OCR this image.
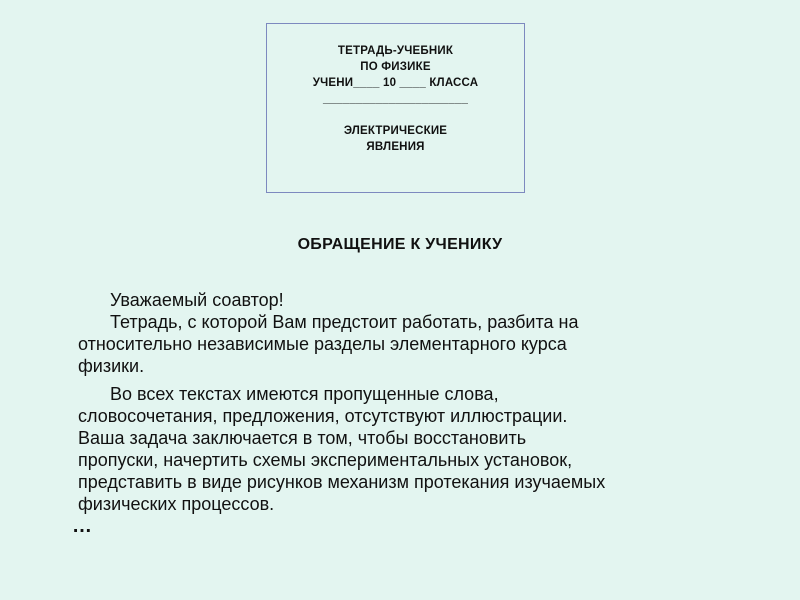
ТЕТРАДЬ-УЧЕБНИК
ПО ФИЗИКЕ
УЧЕНИ____ 10 ____ КЛАССА
______________________
ЭЛЕКТРИЧЕСКИЕ
ЯВЛЕНИЯ
ОБРАЩЕНИЕ К УЧЕНИКУ

Уважаемый соавтор!

Тетрадь, с которой Вам предстоит работать, разбита на
относительно независимые разделы элементарного курса
физики.

Во всех текстах имеются пропущенные слова,
словосочетания, предложения, отсутствуют иллюстрации.
Ваша задача заключается в том, чтобы восстановить
пропуски, начертить схемы экспериментальных установок,
представить в виде рисунков механизм протекания изучаемых
физических процессов.

…
